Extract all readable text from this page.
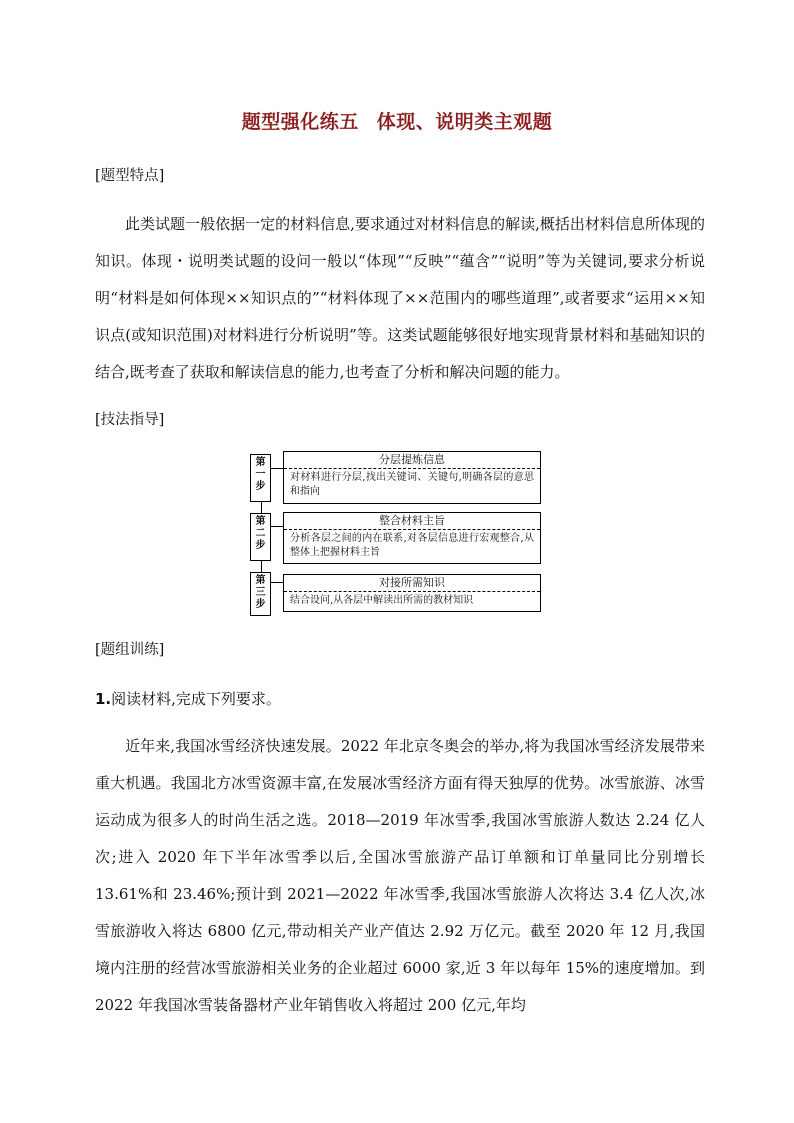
题型强化练五 体现、说明类主观题
[题型特点]
此类试题一般依据一定的材料信息,要求通过对材料信息的解读,概括出材料信息所体现的知识。体现・说明类试题的设问一般以“体现”“反映”“蕴含”“说明”等为关键词,要求分析说明“材料是如何体现××知识点的”“材料体现了××范围内的哪些道理”,或者要求“运用××知识点(或知识范围)对材料进行分析说明”等。这类试题能够很好地实现背景材料和基础知识的结合,既考查了获取和解读信息的能力,也考查了分析和解决问题的能力。
[技法指导]
第
一
步
分层提炼信息
对材料进行分层,找出关键词、关键句,明确各层的意思和指向
第
二
步
整合材料主旨
分析各层之间的内在联系,对各层信息进行宏观整合,从整体上把握材料主旨
第
三
步
对接所需知识
结合设问,从各层中解读出所需的教材知识
[题组训练]
1.阅读材料,完成下列要求。
近年来,我国冰雪经济快速发展。2022 年北京冬奥会的举办,将为我国冰雪经济发展带来重大机遇。我国北方冰雪资源丰富,在发展冰雪经济方面有得天独厚的优势。冰雪旅游、冰雪运动成为很多人的时尚生活之选。2018—2019 年冰雪季,我国冰雪旅游人数达 2.24 亿人次;进入 2020 年下半年冰雪季以后,全国冰雪旅游产品订单额和订单量同比分别增长 13.61%和 23.46%;预计到 2021—2022 年冰雪季,我国冰雪旅游人次将达 3.4 亿人次,冰雪旅游收入将达 6800 亿元,带动相关产业产值达 2.92 万亿元。截至 2020 年 12 月,我国境内注册的经营冰雪旅游相关业务的企业超过 6000 家,近 3 年以每年 15%的速度增加。到 2022 年我国冰雪装备器材产业年销售收入将超过 200 亿元,年均
